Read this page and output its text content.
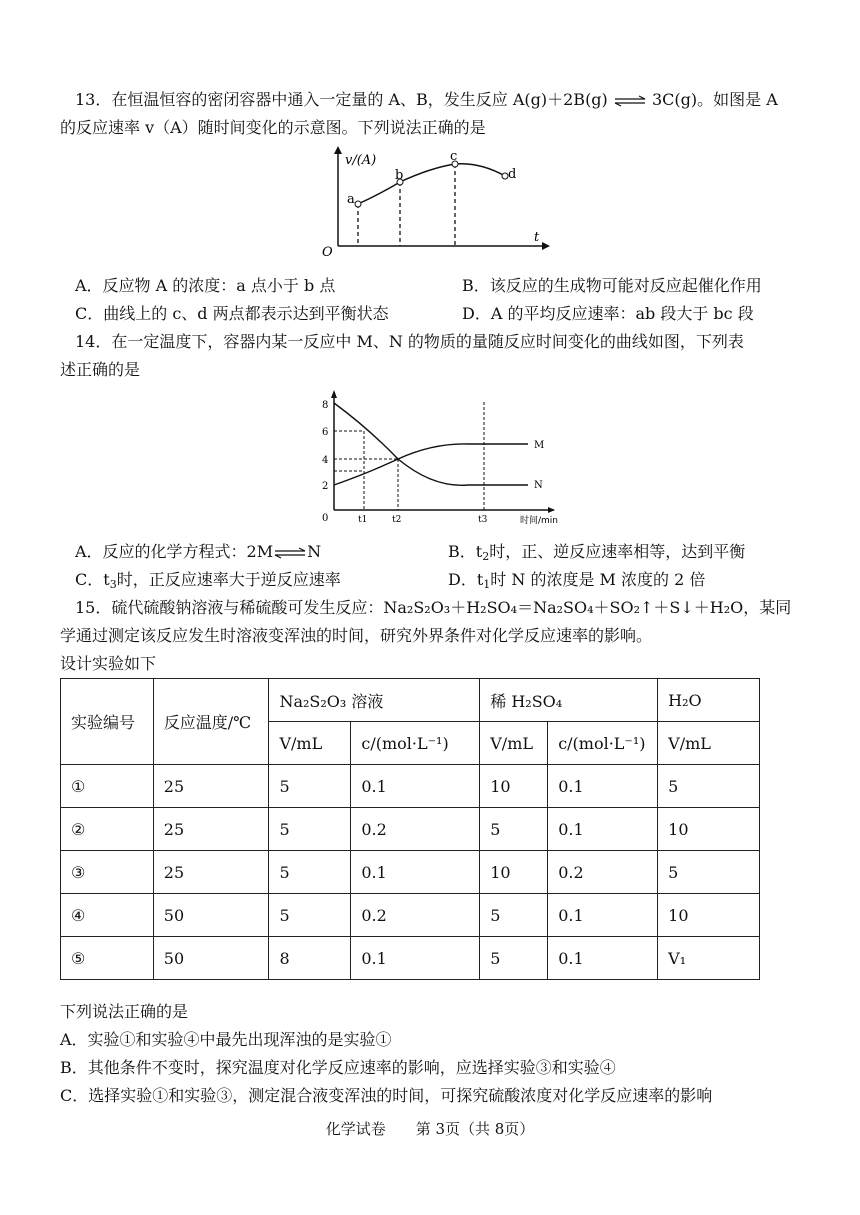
13．在恒温恒容的密闭容器中通入一定量的 A、B，发生反应 A(g)＋2B(g) ⇌ 3C(g)。如图是 A
的反应速率 v（A）随时间变化的示意图。下列说法正确的是
v/(A)
t
O
a
b
c
d
A．反应物 A 的浓度：a 点小于 b 点	B．该反应的生成物可能对反应起催化作用
C．曲线上的 c、d 两点都表示达到平衡状态	D．A 的平均反应速率：ab 段大于 bc 段
14．在一定温度下，容器内某一反应中 M、N 的物质的量随反应时间变化的曲线如图，下列表
述正确的是
8
6
4
2
0
M
N
t1	t2	t3	时间/min
A．反应的化学方程式：2M⇌N	B．$t_2$时，正、逆反应速率相等，达到平衡
C．$t_3$时，正反应速率大于逆反应速率	D．$t_1$时 N 的浓度是 M 浓度的 2 倍
15．硫代硫酸钠溶液与稀硫酸可发生反应：Na₂S₂O₃＋H₂SO₄＝Na₂SO₄＋SO₂↑＋S↓＋H₂O，某同
学通过测定该反应发生时溶液变浑浊的时间，研究外界条件对化学反应速率的影响。
设计实验如下
实验编号	反应温度/℃	Na₂S₂O₃ 溶液		稀 H₂SO₄		H₂O
		V/mL	c/(mol·L⁻¹)	V/mL	c/(mol·L⁻¹)	V/mL
①	25	5	0.1	10	0.1	5
②	25	5	0.2	5	0.1	10
③	25	5	0.1	10	0.2	5
④	50	5	0.2	5	0.1	10
⑤	50	8	0.1	5	0.1	V₁
下列说法正确的是
A．实验①和实验④中最先出现浑浊的是实验①
B．其他条件不变时，探究温度对化学反应速率的影响，应选择实验③和实验④
C．选择实验①和实验③，测定混合液变浑浊的时间，可探究硫酸浓度对化学反应速率的影响
化学试卷　　第 3页（共 8页）
